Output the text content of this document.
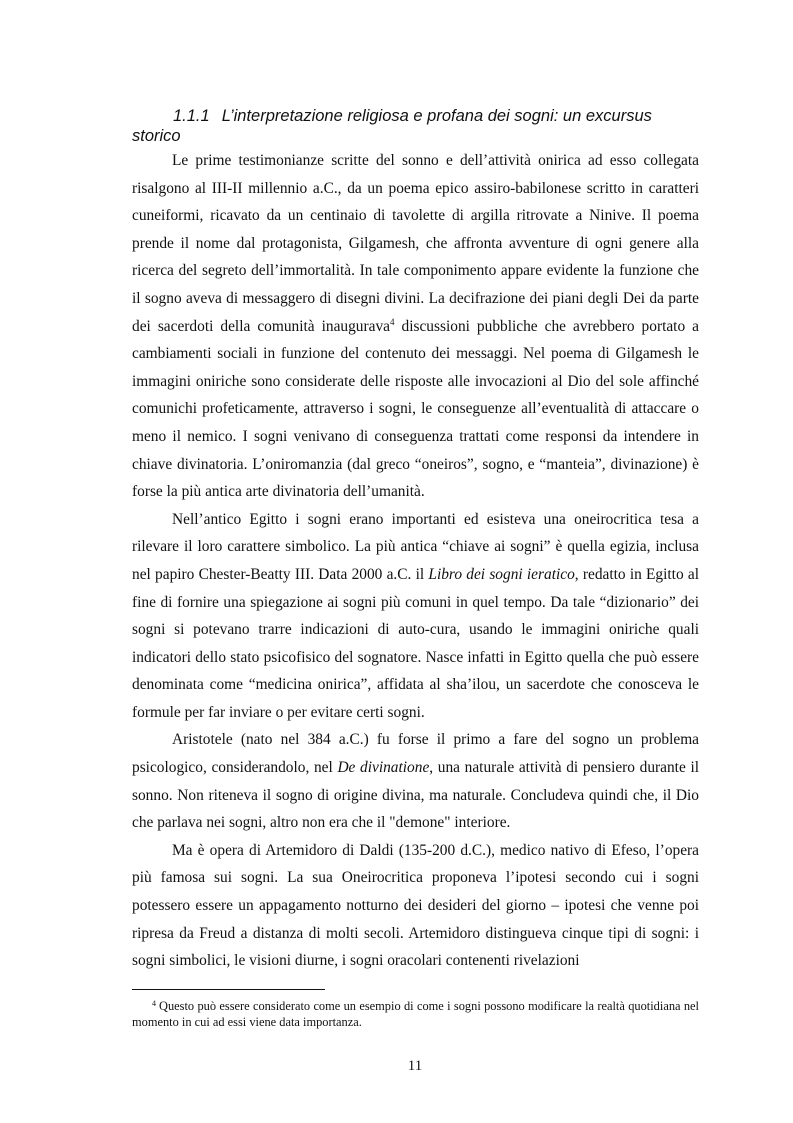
1.1.1 L’interpretazione religiosa e profana dei sogni: un excursus storico

Le prime testimonianze scritte del sonno e dell’attività onirica ad esso collegata risalgono al III-II millennio a.C., da un poema epico assiro-babilonese scritto in caratteri cuneiformi, ricavato da un centinaio di tavolette di argilla ritrovate a Ninive. Il poema prende il nome dal protagonista, Gilgamesh, che affronta avventure di ogni genere alla ricerca del segreto dell’immortalità. In tale componimento appare evidente la funzione che il sogno aveva di messaggero di disegni divini. La decifrazione dei piani degli Dei da parte dei sacerdoti della comunità inaugurava$^4$ discussioni pubbliche che avrebbero portato a cambiamenti sociali in funzione del contenuto dei messaggi. Nel poema di Gilgamesh le immagini oniriche sono considerate delle risposte alle invocazioni al Dio del sole affinché comunichi profeticamente, attraverso i sogni, le conseguenze all’eventualità di attaccare o meno il nemico. I sogni venivano di conseguenza trattati come responsi da intendere in chiave divinatoria. L’oniromanzia (dal greco “oneiros”, sogno, e “manteia”, divinazione) è forse la più antica arte divinatoria dell’umanità.

Nell’antico Egitto i sogni erano importanti ed esisteva una oneirocritica tesa a rilevare il loro carattere simbolico. La più antica “chiave ai sogni” è quella egizia, inclusa nel papiro Chester-Beatty III. Data 2000 a.C. il Libro dei sogni ieratico, redatto in Egitto al fine di fornire una spiegazione ai sogni più comuni in quel tempo. Da tale “dizionario” dei sogni si potevano trarre indicazioni di auto-cura, usando le immagini oniriche quali indicatori dello stato psicofisico del sognatore. Nasce infatti in Egitto quella che può essere denominata come “medicina onirica”, affidata al sha’ilou, un sacerdote che conosceva le formule per far inviare o per evitare certi sogni.

Aristotele (nato nel 384 a.C.) fu forse il primo a fare del sogno un problema psicologico, considerandolo, nel De divinatione, una naturale attività di pensiero durante il sonno. Non riteneva il sogno di origine divina, ma naturale. Concludeva quindi che, il Dio che parlava nei sogni, altro non era che il "demone" interiore.

Ma è opera di Artemidoro di Daldi (135-200 d.C.), medico nativo di Efeso, l’opera più famosa sui sogni. La sua Oneirocritica proponeva l’ipotesi secondo cui i sogni potessero essere un appagamento notturno dei desideri del giorno – ipotesi che venne poi ripresa da Freud a distanza di molti secoli. Artemidoro distingueva cinque tipi di sogni: i sogni simbolici, le visioni diurne, i sogni oracolari contenenti rivelazioni

$^4$ Questo può essere considerato come un esempio di come i sogni possono modificare la realtà quotidiana nel momento in cui ad essi viene data importanza.

11
